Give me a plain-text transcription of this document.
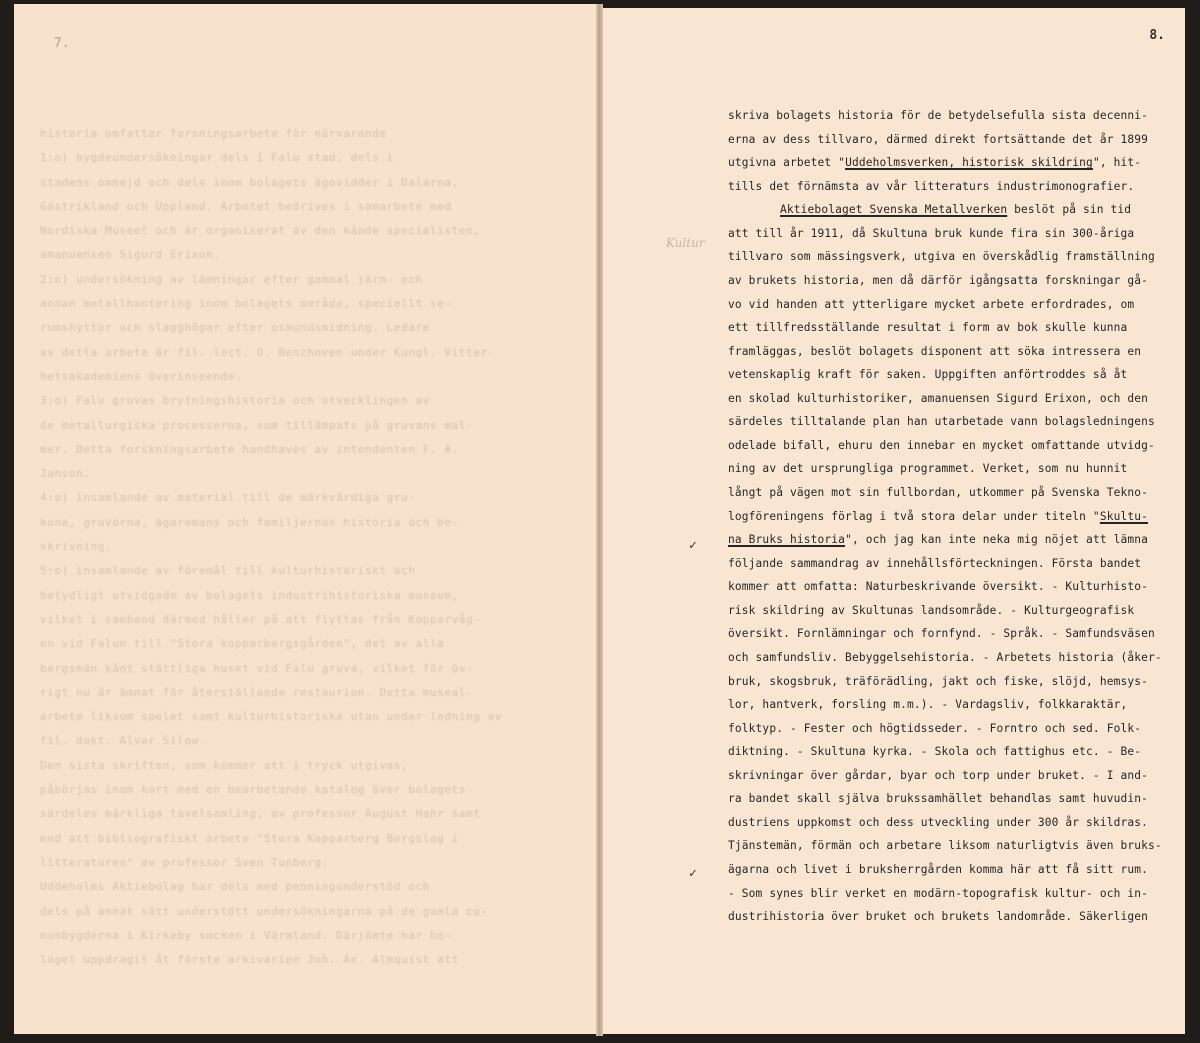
7.
historia omfattar forsningsarbete för närvarande
1:o) bygdeundersökningar dels i Falu stad, dels i
stadens omnejd och dels inom bolagets ägovidder i Dalarna,
Gästrikland och Uppland. Arbetet bedrives i samarbete med
Nordiska Museet och är organiserat av den kände specialisten,
amanuensen Sigurd Erixon.
2:o) undersökning av lämningar efter gammal järn- och
annan metallhantering inom bolagets område, speciellt se-
rumshyttor och slagghögar efter osmundsmidning. Ledare
av detta arbete är fil. lect. O. Benzhoven under Kungl. Vitter-
hetsakademiens överinseende.
3:o) Falu gruvas brytningshistoria och utvecklingen av
de metallurgiska processerna, som tillämpats på gruvans mal-
mer. Detta forskningsarbete handhaves av intendenten F. A.
Janson.
4:o) insamlande av material till de märkvärdiga gru-
kona, gruvorna, ägaremans och familjernas historia och be-
skrivning.
5:o) insamlande av föremål till kulturhistoriskt och
betydligt utvidgade av bolagets industrihistoriska museum,
vilket i samband därmed håller på att flyttas från Kopparvåg-
en vid Falun till "Stora kopparbergsgården", det av alla
bergsmän känt stättliga huset vid Falu gruva, vilket för öv-
rigt nu är ämnat för återställande restaurion. Detta museal-
arbete liksom spelet samt kulturhistoriska utan under ledning av
fil. dokt. Alvar Silow.
Den sista skriften, som kommer att i tryck utgivas,
påbörjas inom kort med en bearbetande katalog över bolagets
särdeles märkliga tavelsamling, av professor August Hahr samt
med att bibliografiskt arbete "Stora Kopparberg Bergslag i
litteraturen" av professor Sven Tunberg.
Uddeholms Aktiebolag har dels med penningunderstöd och
dels på annat sätt understött undersökningarna på de gamla co-
munbygderna i Kirkeby socken i Värmland. Därjämte har bo-
laget uppdragit åt förste arkivarien Joh. Ax. Almquist att
8.
Kultur
✓
✓
skriva bolagets historia för de betydelsefulla sista decenni-
erna av dess tillvaro, därmed direkt fortsättande det år 1899
utgivna arbetet "Uddeholmsverken, historisk skildring", hit-
tills det förnämsta av vår litteraturs industrimonografier.
Aktiebolaget Svenska Metallverken beslöt på sin tid
att till år 1911, då Skultuna bruk kunde fira sin 300-åriga
tillvaro som mässingsverk, utgiva en överskådlig framställning
av brukets historia, men då därför igångsatta forskningar gå-
vo vid handen att ytterligare mycket arbete erfordrades, om
ett tillfredsställande resultat i form av bok skulle kunna
framläggas, beslöt bolagets disponent att söka intressera en
vetenskaplig kraft för saken. Uppgiften anförtroddes så åt
en skolad kulturhistoriker, amanuensen Sigurd Erixon, och den
särdeles tilltalande plan han utarbetade vann bolagsledningens
odelade bifall, ehuru den innebar en mycket omfattande utvidg-
ning av det ursprungliga programmet. Verket, som nu hunnit
långt på vägen mot sin fullbordan, utkommer på Svenska Tekno-
logföreningens förlag i två stora delar under titeln "Skultu-
na Bruks historia", och jag kan inte neka mig nöjet att lämna
följande sammandrag av innehållsförteckningen. Första bandet
kommer att omfatta: Naturbeskrivande översikt. - Kulturhisto-
risk skildring av Skultunas landsområde. - Kulturgeografisk
översikt. Fornlämningar och fornfynd. - Språk. - Samfundsväsen
och samfundsliv. Bebyggelsehistoria. - Arbetets historia (åker-
bruk, skogsbruk, träförädling, jakt och fiske, slöjd, hemsys-
lor, hantverk, forsling m.m.). - Vardagsliv, folkkaraktär,
folktyp. - Fester och högtidsseder. - Forntro och sed. Folk-
diktning. - Skultuna kyrka. - Skola och fattighus etc. - Be-
skrivningar över gårdar, byar och torp under bruket. - I and-
ra bandet skall själva brukssamhället behandlas samt huvudin-
dustriens uppkomst och dess utveckling under 300 år skildras.
Tjänstemän, förmän och arbetare liksom naturligtvis även bruks-
ägarna och livet i bruksherrgården komma här att få sitt rum.
- Som synes blir verket en modärn-topografisk kultur- och in-
dustrihistoria över bruket och brukets landområde. Säkerligen
